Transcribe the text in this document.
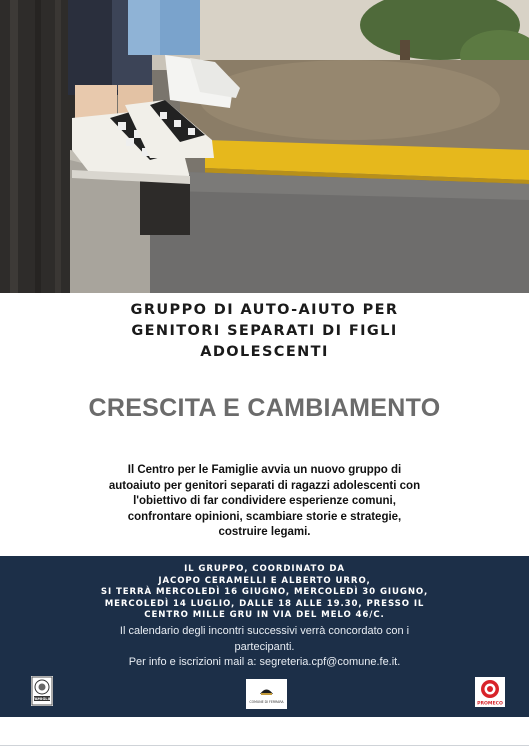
GRUPPO DI AUTO-AIUTO PER
GENITORI SEPARATI DI FIGLI
ADOLESCENTI
CRESCITA E CAMBIAMENTO
Il Centro per le Famiglie avvia un nuovo gruppo di
autoaiuto per genitori separati di ragazzi adolescenti con
l'obiettivo di far condividere esperienze comuni,
confrontare opinioni, scambiare storie e strategie,
costruire legami.
IL GRUPPO, COORDINATO DA
JACOPO CERAMELLI E ALBERTO URRO,
SI TERRÀ MERCOLEDÌ 16 GIUGNO, MERCOLEDÌ 30 GIUGNO,
MERCOLEDÌ 14 LUGLIO, DALLE 18 ALLE 19.30, PRESSO IL
CENTRO MILLE GRU IN VIA DEL MELO 46/C.
Il calendario degli incontri successivi verrà concordato con i
partecipanti.
Per info e iscrizioni mail a: segreteria.cpf@comune.fe.it.
FAMIGLIE
COMUNE DI FERRARA	PROMECO
